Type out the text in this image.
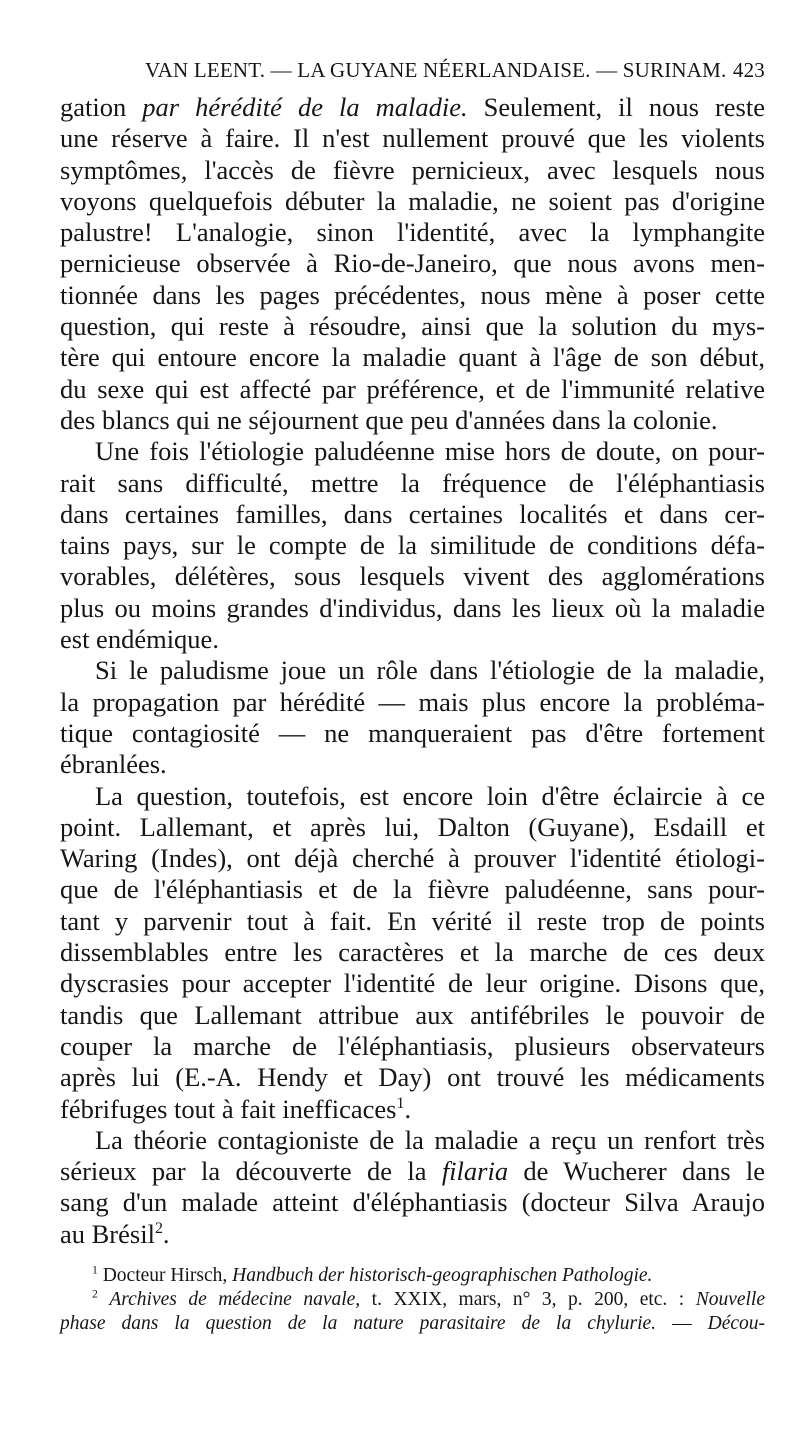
VAN LEENT. — LA GUYANE NÉERLANDAISE. — SURINAM. 423
gation par hérédité de la maladie. Seulement, il nous reste
une réserve à faire. Il n'est nullement prouvé que les violents
symptômes, l'accès de fièvre pernicieux, avec lesquels nous
voyons quelquefois débuter la maladie, ne soient pas d'origine
palustre! L'analogie, sinon l'identité, avec la lymphangite
pernicieuse observée à Rio-de-Janeiro, que nous avons men-
tionnée dans les pages précédentes, nous mène à poser cette
question, qui reste à résoudre, ainsi que la solution du mys-
tère qui entoure encore la maladie quant à l'âge de son début,
du sexe qui est affecté par préférence, et de l'immunité relative
des blancs qui ne séjournent que peu d'années dans la colonie.
Une fois l'étiologie paludéenne mise hors de doute, on pour-
rait sans difficulté, mettre la fréquence de l'éléphantiasis
dans certaines familles, dans certaines localités et dans cer-
tains pays, sur le compte de la similitude de conditions défa-
vorables, délétères, sous lesquels vivent des agglomérations
plus ou moins grandes d'individus, dans les lieux où la maladie
est endémique.
Si le paludisme joue un rôle dans l'étiologie de la maladie,
la propagation par hérédité — mais plus encore la probléma-
tique contagiosité — ne manqueraient pas d'être fortement
ébranlées.
La question, toutefois, est encore loin d'être éclaircie à ce
point. Lallemant, et après lui, Dalton (Guyane), Esdaill et
Waring (Indes), ont déjà cherché à prouver l'identité étiologi-
que de l'éléphantiasis et de la fièvre paludéenne, sans pour-
tant y parvenir tout à fait. En vérité il reste trop de points
dissemblables entre les caractères et la marche de ces deux
dyscrasies pour accepter l'identité de leur origine. Disons que,
tandis que Lallemant attribue aux antifébriles le pouvoir de
couper la marche de l'éléphantiasis, plusieurs observateurs
après lui (E.-A. Hendy et Day) ont trouvé les médicaments
fébrifuges tout à fait inefficaces$^1$.
La théorie contagioniste de la maladie a reçu un renfort très
sérieux par la découverte de la filaria de Wucherer dans le
sang d'un malade atteint d'éléphantiasis (docteur Silva Araujo
au Brésil$^2$.
$^1$ Docteur Hirsch, Handbuch der historisch-geographischen Pathologie.
$^2$ Archives de médecine navale, t. XXIX, mars, n° 3, p. 200, etc. : Nouvelle
phase dans la question de la nature parasitaire de la chylurie. — Décou-
